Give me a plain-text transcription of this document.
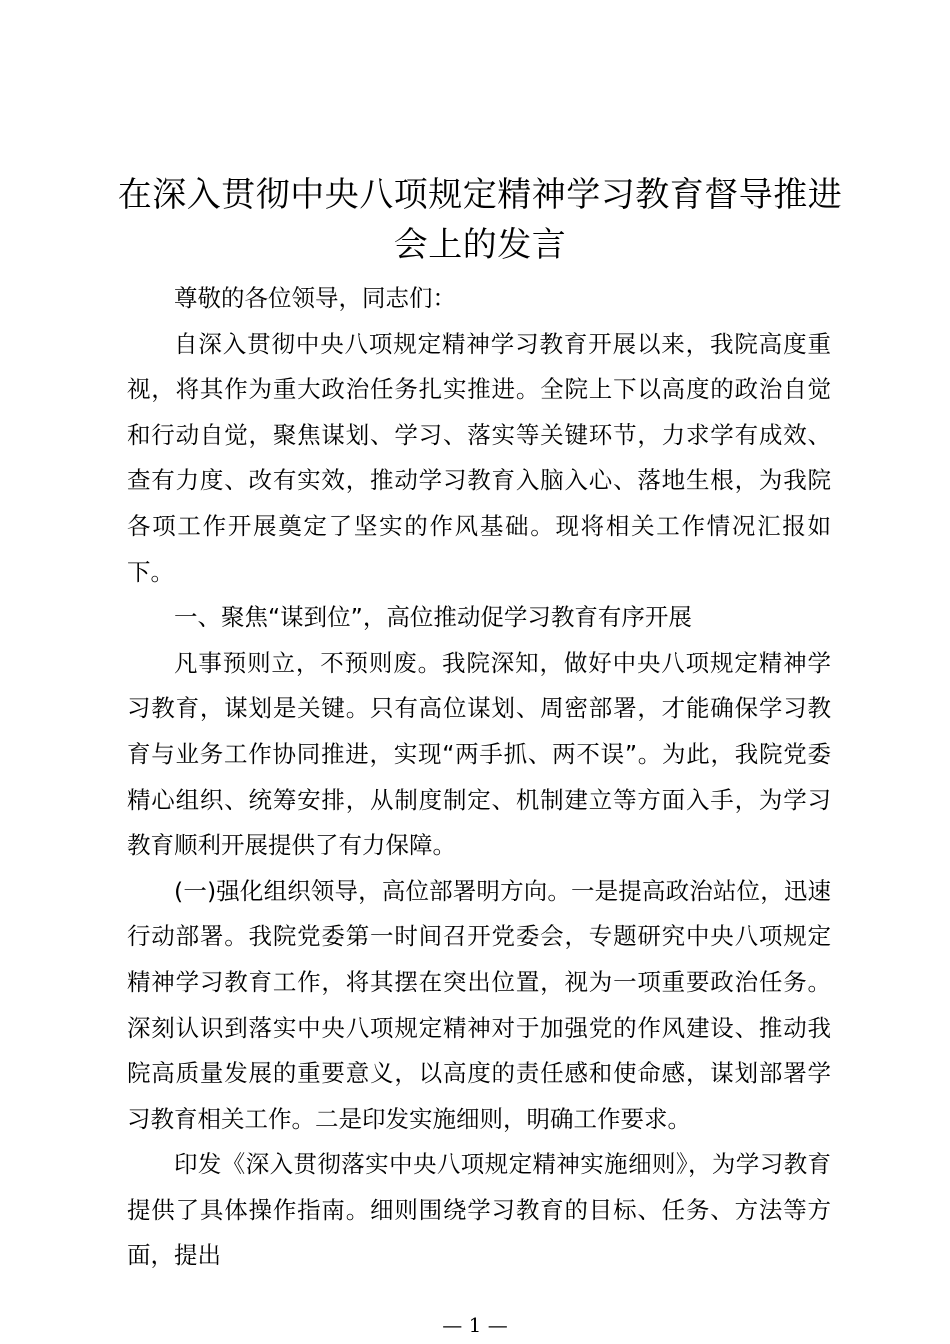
在深入贯彻中央八项规定精神学习教育督导推进会上的发言

尊敬的各位领导，同志们：

自深入贯彻中央八项规定精神学习教育开展以来，我院高度重视，将其作为重大政治任务扎实推进。全院上下以高度的政治自觉和行动自觉，聚焦谋划、学习、落实等关键环节，力求学有成效、查有力度、改有实效，推动学习教育入脑入心、落地生根，为我院各项工作开展奠定了坚实的作风基础。现将相关工作情况汇报如下。

一、聚焦“谋到位”，高位推动促学习教育有序开展

凡事预则立，不预则废。我院深知，做好中央八项规定精神学习教育，谋划是关键。只有高位谋划、周密部署，才能确保学习教育与业务工作协同推进，实现“两手抓、两不误”。为此，我院党委精心组织、统筹安排，从制度制定、机制建立等方面入手，为学习教育顺利开展提供了有力保障。

(一)强化组织领导，高位部署明方向。一是提高政治站位，迅速行动部署。我院党委第一时间召开党委会，专题研究中央八项规定精神学习教育工作，将其摆在突出位置，视为一项重要政治任务。深刻认识到落实中央八项规定精神对于加强党的作风建设、推动我院高质量发展的重要意义，以高度的责任感和使命感，谋划部署学习教育相关工作。二是印发实施细则，明确工作要求。

印发《深入贯彻落实中央八项规定精神实施细则》，为学习教育提供了具体操作指南。细则围绕学习教育的目标、任务、方法等方面，提出

— 1 —
